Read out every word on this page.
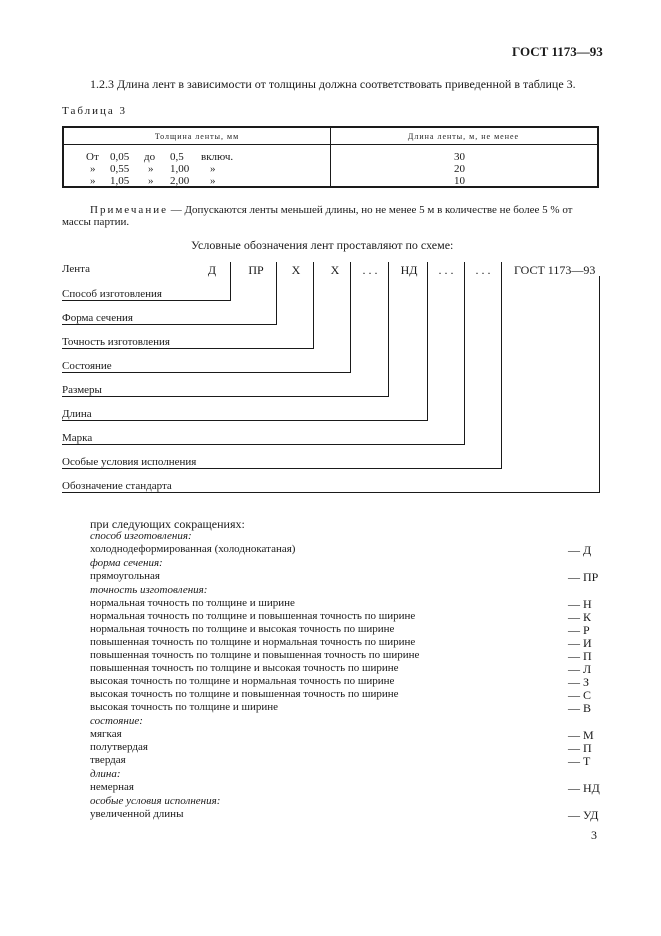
ГОСТ 1173—93
1.2.3 Длина лент в зависимости от толщины должна соответствовать приведенной в таблице 3.
Таблица 3
Толщина ленты, мм	Длина ленты, м, не менее
От 0,05 до 0,5 включ.	30
» 0,55 » 1,00 »	20
» 1,05 » 2,00 »	10
Примечание — Допускаются ленты меньшей длины, но не менее 5 м в количестве не более 5 % от
массы партии.
Условные обозначения лент проставляют по схеме:
Лента	Д	ПР	Х	Х	. . .	НД	. . .	. . .	ГОСТ 1173—93
Способ изготовления
Форма сечения
Точность изготовления
Состояние
Размеры
Длина
Марка
Особые условия исполнения
Обозначение стандарта
при следующих сокращениях:
способ изготовления:
холоднодеформированная (холоднокатаная)	— Д
форма сечения:
прямоугольная	— ПР
точность изготовления:
нормальная точность по толщине и ширине	— Н
нормальная точность по толщине и повышенная точность по ширине	— К
нормальная точность по толщине и высокая точность по ширине	— Р
повышенная точность по толщине и нормальная точность по ширине	— И
повышенная точность по толщине и повышенная точность по ширине	— П
повышенная точность по толщине и высокая точность по ширине	— Л
высокая точность по толщине и нормальная точность по ширине	— З
высокая точность по толщине и повышенная точность по ширине	— С
высокая точность по толщине и ширине	— В
состояние:
мягкая	— М
полутвердая	— П
твердая	— Т
длина:
немерная	— НД
особые условия исполнения:
увеличенной длины	— УД
3
